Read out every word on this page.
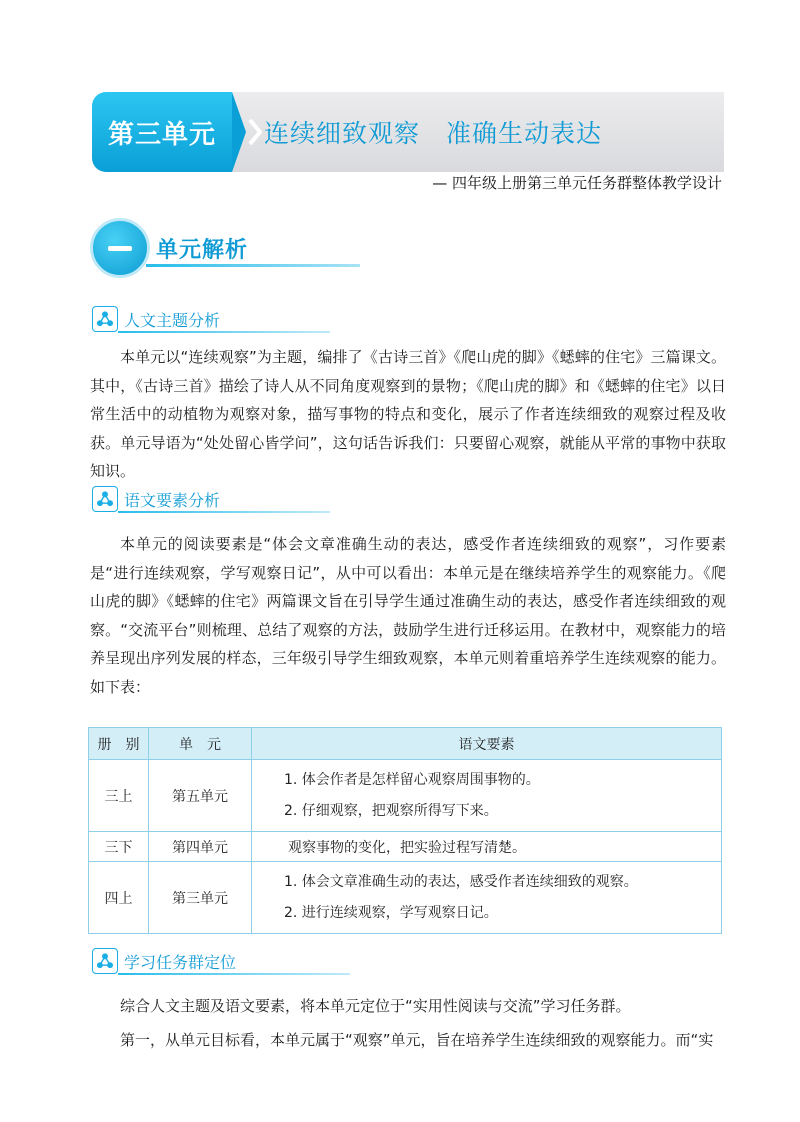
第三单元 连续细致观察　准确生动表达
— 四年级上册第三单元任务群整体教学设计
单元解析
人文主题分析

本单元以“连续观察”为主题，编排了《古诗三首》《爬山虎的脚》《蟋蟀的住宅》三篇课文。其中，《古诗三首》描绘了诗人从不同角度观察到的景物；《爬山虎的脚》和《蟋蟀的住宅》以日常生活中的动植物为观察对象，描写事物的特点和变化，展示了作者连续细致的观察过程及收获。单元导语为“处处留心皆学问”，这句话告诉我们：只要留心观察，就能从平常的事物中获取知识。

语文要素分析

本单元的阅读要素是“体会文章准确生动的表达，感受作者连续细致的观察”，习作要素是“进行连续观察，学写观察日记”，从中可以看出：本单元是在继续培养学生的观察能力。《爬山虎的脚》《蟋蟀的住宅》两篇课文旨在引导学生通过准确生动的表达，感受作者连续细致的观察。“交流平台”则梳理、总结了观察的方法，鼓励学生进行迁移运用。在教材中，观察能力的培养呈现出序列发展的样态，三年级引导学生细致观察，本单元则着重培养学生连续观察的能力。如下表：

册　别	单　元	语文要素
三上	第五单元	1. 体会作者是怎样留心观察周围事物的。
2. 仔细观察，把观察所得写下来。

三下	第四单元	观察事物的变化，把实验过程写清楚。
四上	第三单元	1. 体会文章准确生动的表达，感受作者连续细致的观察。
2. 进行连续观察，学写观察日记。
学习任务群定位

综合人文主题及语文要素，将本单元定位于“实用性阅读与交流”学习任务群。

第一，从单元目标看，本单元属于“观察”单元，旨在培养学生连续细致的观察能力。而“实
